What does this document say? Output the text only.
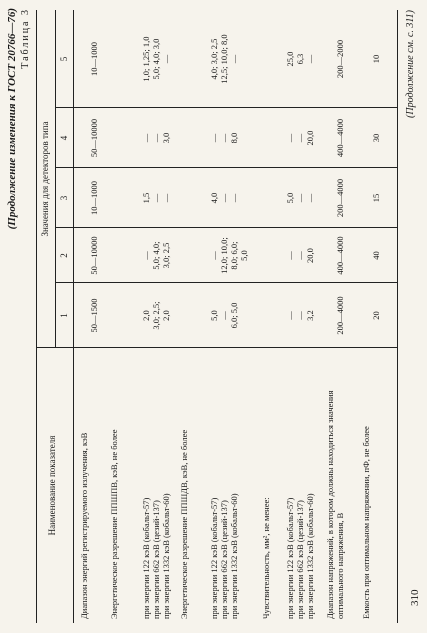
(Продолжение изменения к ГОСТ 20766—76) Таблица 3
Наименование показателя
Значения для детекторов типа
1
2
3
4
5
Диапазон энергий регистрируемого излучения, кэВ
50—1500
50—10000
10—1000
50—10000
10—1000
Энергетическое разрешение ППШПВ, кэВ, не более	при энергии 122 кэВ (кобальт-57)
при энергии 662 кэВ (цезий-137)
при энергии 1332 кэВ (кобальт-60)
2,0
3,0; 2,5;
2,0
—
5,0; 4,0;
3,0; 2,5
1,5
—
—
—
—
3,0
1,0; 1,25; 1,0
5,0; 4,0; 3,0
—
Энергетическое разрешение ППШДВ, кэВ, не более при энергии 122 кэВ (кобальт-57)
при энергии 662 кэВ (цезий-137)
при энергии 1332 кэВ (кобальт-60)
5,0
—
6,0; 5,0
—
12,0; 10,0;
8,0; 6,0;
5,0
4,0
—
—
—
—
8,0
4,0; 3,0; 2,5
12,5; 10,0; 8,0
—
Чувствительность, мм², не менее: при энергии 122 кэВ (кобальт-57)
при энергии 662 кэВ (цезий-137)
при энергии 1332 кэВ (кобальт-60)
—
—
3,2
—
—
20,0
5,0
—
—
—
—
20,0
25,0
6,3
—
Диапазон напряжений, в котором должны находиться значения оптимального напряжения, В
200—4000
400—4000
200—4000
400—4000
200—2000
Емкость при оптимальном напряжении, пФ, не более
20
40
15
30
10
310
(Продолжение см. с. 311)
